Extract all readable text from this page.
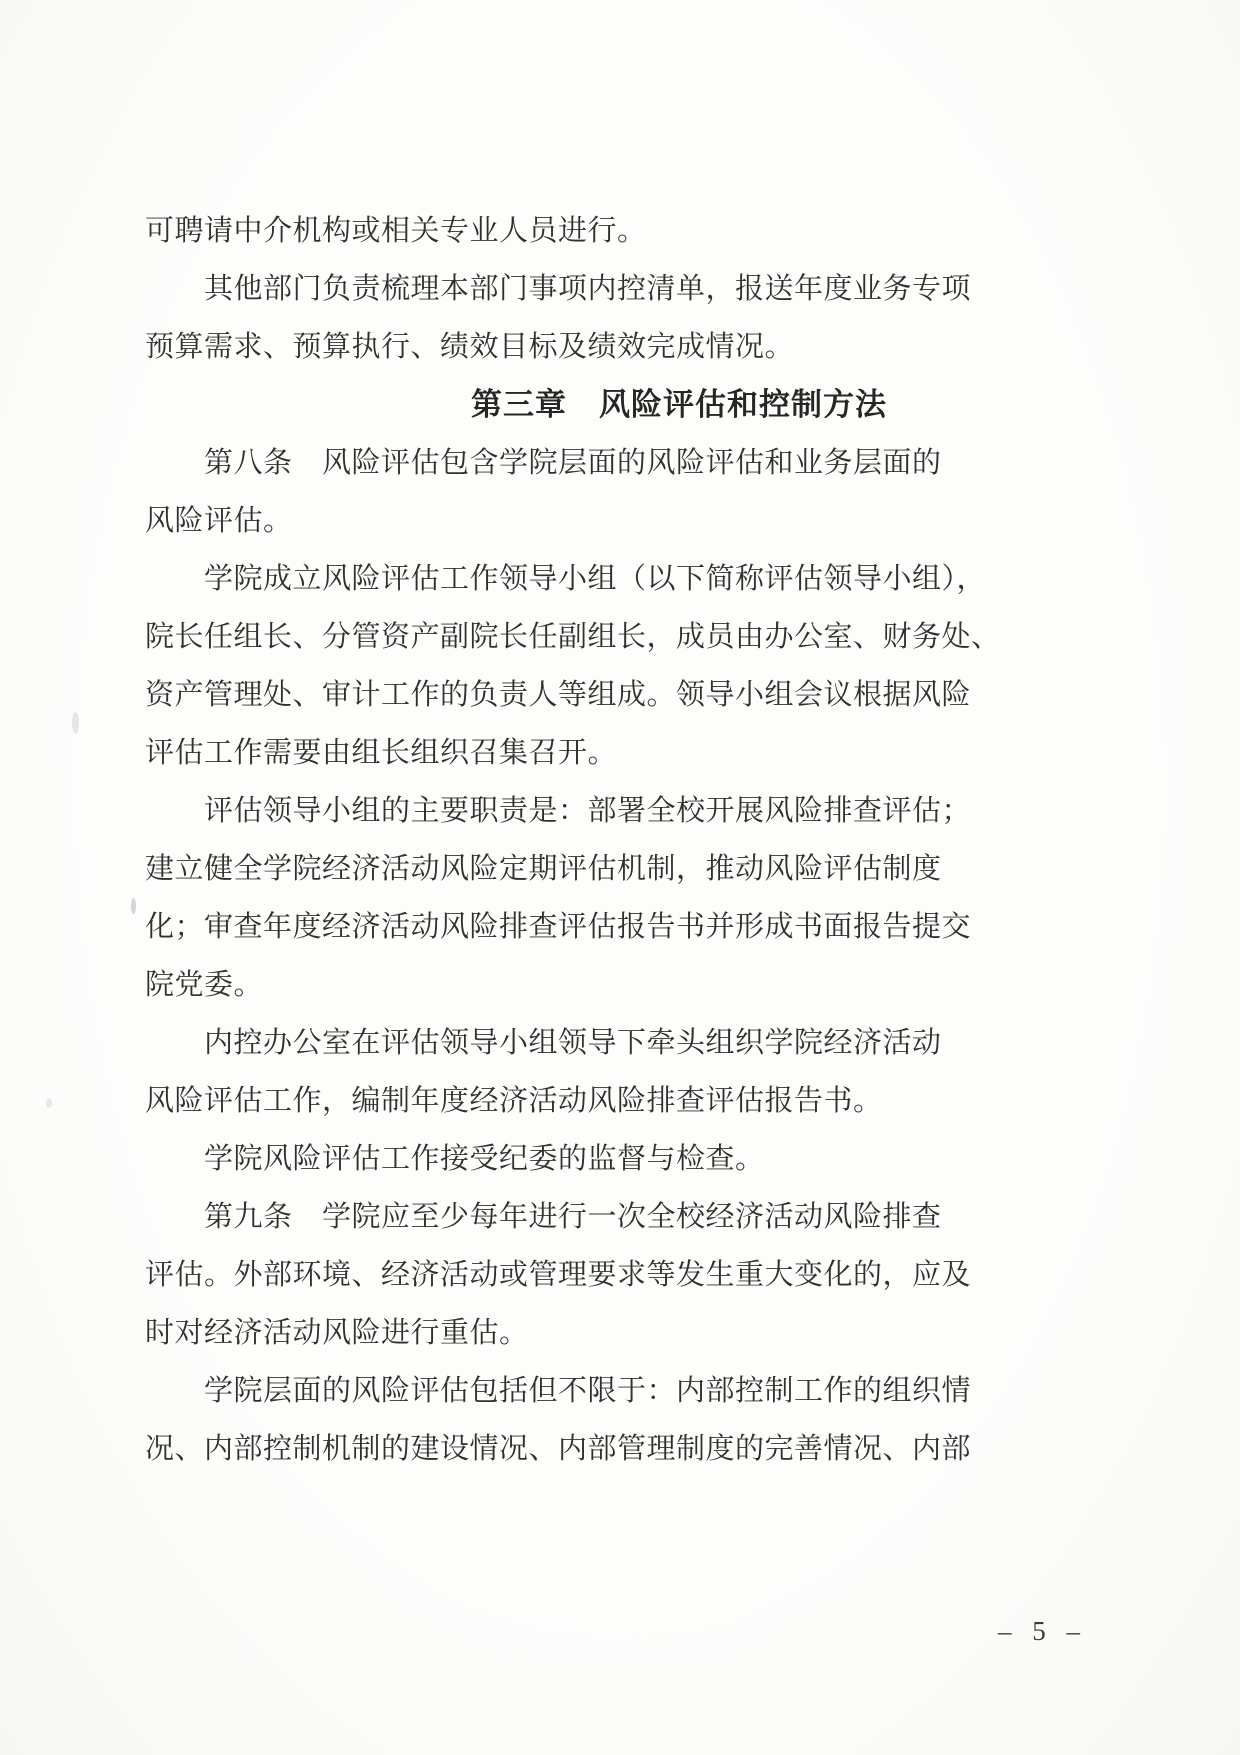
可聘请中介机构或相关专业人员进行。
其他部门负责梳理本部门事项内控清单，报送年度业务专项
预算需求、预算执行、绩效目标及绩效完成情况。
第三章　风险评估和控制方法
第八条　风险评估包含学院层面的风险评估和业务层面的
风险评估。
学院成立风险评估工作领导小组（以下简称评估领导小组），
院长任组长、分管资产副院长任副组长，成员由办公室、财务处、
资产管理处、审计工作的负责人等组成。领导小组会议根据风险
评估工作需要由组长组织召集召开。
评估领导小组的主要职责是：部署全校开展风险排查评估；
建立健全学院经济活动风险定期评估机制，推动风险评估制度
化；审查年度经济活动风险排查评估报告书并形成书面报告提交
院党委。
内控办公室在评估领导小组领导下牵头组织学院经济活动
风险评估工作，编制年度经济活动风险排查评估报告书。
学院风险评估工作接受纪委的监督与检查。
第九条　学院应至少每年进行一次全校经济活动风险排查
评估。外部环境、经济活动或管理要求等发生重大变化的，应及
时对经济活动风险进行重估。
学院层面的风险评估包括但不限于：内部控制工作的组织情
况、内部控制机制的建设情况、内部管理制度的完善情况、内部
– 5 –
